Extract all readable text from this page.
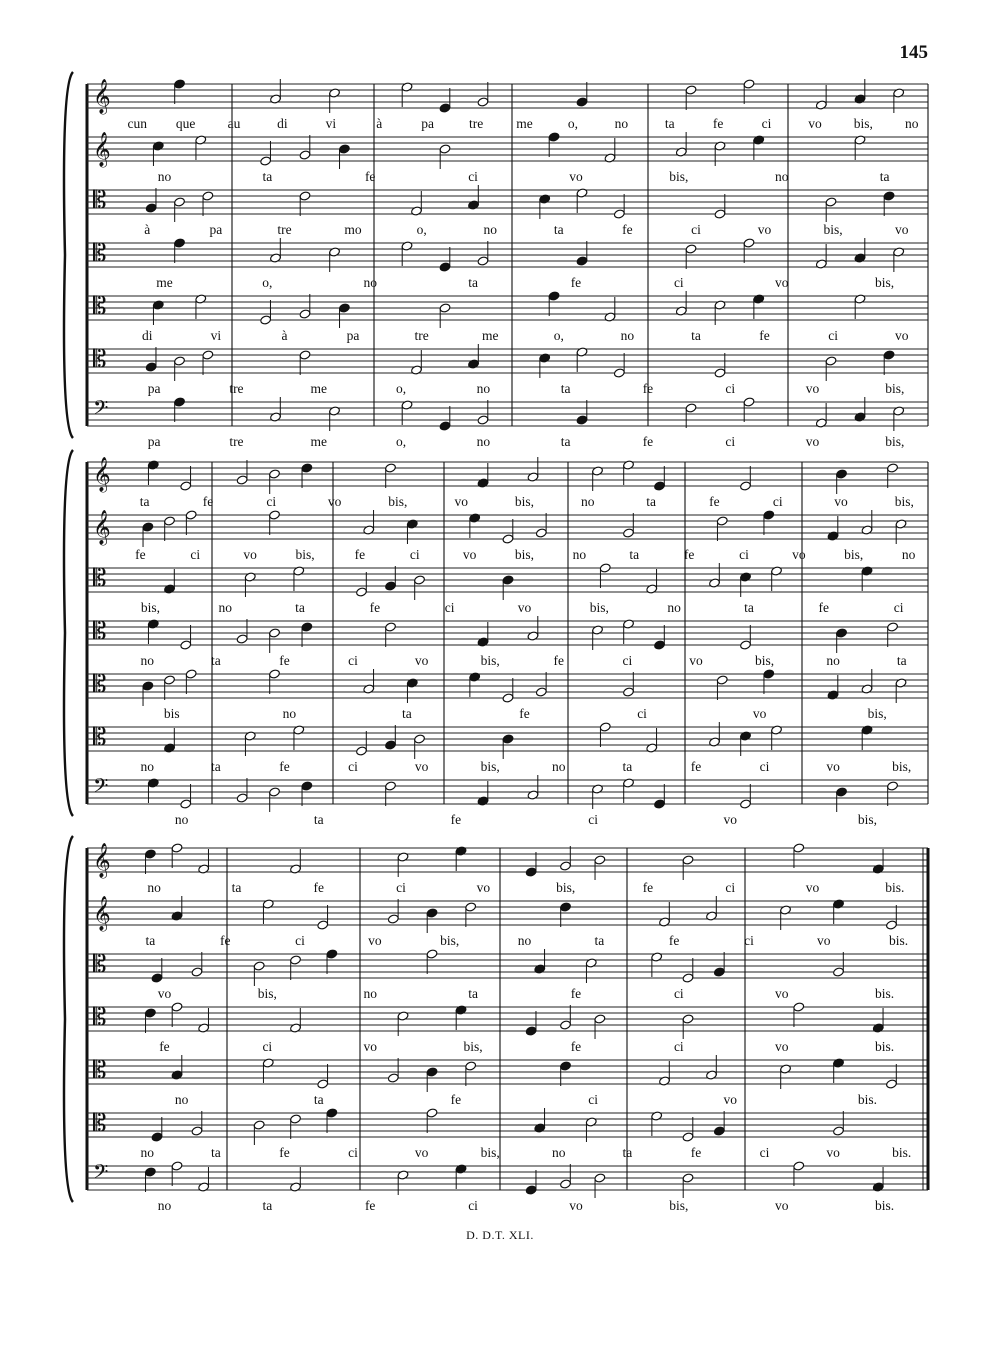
145
𝄞
𝄞
𝄡
𝄡
𝄡
𝄡
𝄢
𝄞
𝄞
𝄡
𝄡
𝄡
𝄡
𝄢
𝄞
𝄞
𝄡
𝄡
𝄡
𝄡
𝄢
cun que au	di	vi	à	pa	tre me	o,	no	ta	fe	ci	vo bis, no
no	ta	fe	ci	vo	bis,	no	ta
à	pa	tre	mo	o,	no	ta	fe	ci	vo	bis,	vo
me	o,	no	ta	fe	ci	vo	bis,
di	vi	à	pa	tre	me	o,	no	ta	fe	ci	vo
pa	tre	me	o,	no	ta	fe	ci	vo	bis,
pa	tre	me	o,	no	ta	fe	ci	vo	bis,
ta	fe	ci	vo	bis,	vo	bis,	no	ta	fe	ci	vo	bis,
fe	ci	vo	bis,	fe	ci	vo	bis,	no	ta	fe	ci	vo	bis,	no
bis,	no	ta	fe	ci	vo	bis,	no	ta	fe	ci
no	ta	fe	ci	vo	bis,	fe	ci	vo	bis,	no	ta
bis	no	ta	fe	ci	vo	bis,
no	ta	fe	ci	vo	bis,	no	ta	fe	ci	vo	bis,
no	ta	fe	ci	vo	bis,
no	ta	fe	ci	vo	bis,	fe	ci	vo	bis.
ta	fe	ci	vo	bis,	no	ta	fe	ci	vo	bis.
vo	bis,	no	ta	fe	ci	vo	bis.
fe	ci	vo	bis,	fe	ci	vo	bis.
no	ta	fe	ci	vo	bis.
no	ta	fe	ci	vo	bis,	no	ta	fe	ci	vo	bis.
no	ta	fe	ci	vo	bis,	vo	bis.
D. D.T. XLI.
